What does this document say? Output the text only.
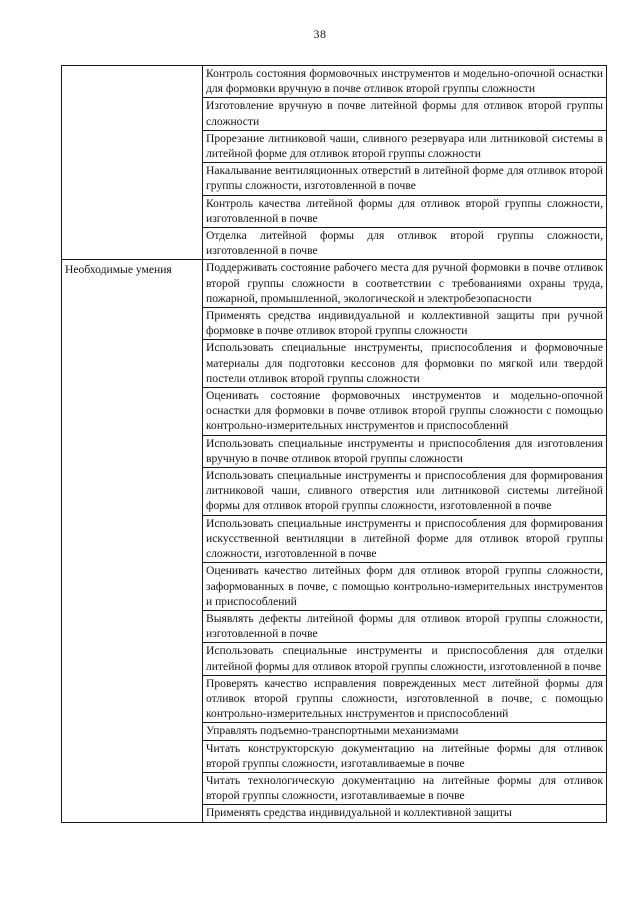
38
	Контроль состояния формовочных инструментов и модельно-опочной оснастки для формовки вручную в почве отливок второй группы сложности
	Изготовление вручную в почве литейной формы для отливок второй группы сложности
	Прорезание литниковой чаши, сливного резервуара или литниковой системы в литейной форме для отливок второй группы сложности
	Накалывание вентиляционных отверстий в литейной форме для отливок второй группы сложности, изготовленной в почве
	Контроль качества литейной формы для отливок второй группы сложности, изготовленной в почве
	Отделка литейной формы для отливок второй группы сложности, изготовленной в почве
Необходимые умения	Поддерживать состояние рабочего места для ручной формовки в почве отливок второй группы сложности в соответствии с требованиями охраны труда, пожарной, промышленной, экологической и электробезопасности
	Применять средства индивидуальной и коллективной защиты при ручной формовке в почве отливок второй группы сложности
	Использовать специальные инструменты, приспособления и формовочные материалы для подготовки кессонов для формовки по мягкой или твердой постели отливок второй группы сложности
	Оценивать состояние формовочных инструментов и модельно-опочной оснастки для формовки в почве отливок второй группы сложности с помощью контрольно-измерительных инструментов и приспособлений
	Использовать специальные инструменты и приспособления для изготовления вручную в почве отливок второй группы сложности
	Использовать специальные инструменты и приспособления для формирования литниковой чаши, сливного отверстия или литниковой системы литейной формы для отливок второй группы сложности, изготовленной в почве
	Использовать специальные инструменты и приспособления для формирования искусственной вентиляции в литейной форме для отливок второй группы сложности, изготовленной в почве
	Оценивать качество литейных форм для отливок второй группы сложности, заформованных в почве, с помощью контрольно-измерительных инструментов и приспособлений
	Выявлять дефекты литейной формы для отливок второй группы сложности, изготовленной в почве
	Использовать специальные инструменты и приспособления для отделки литейной формы для отливок второй группы сложности, изготовленной в почве
	Проверять качество исправления поврежденных мест литейной формы для отливок второй группы сложности, изготовленной в почве, с помощью контрольно-измерительных инструментов и приспособлений
	Управлять подъемно-транспортными механизмами
	Читать конструкторскую документацию на литейные формы для отливок второй группы сложности, изготавливаемые в почве
	Читать технологическую документацию на литейные формы для отливок второй группы сложности, изготавливаемые в почве
	Применять средства индивидуальной и коллективной защиты
